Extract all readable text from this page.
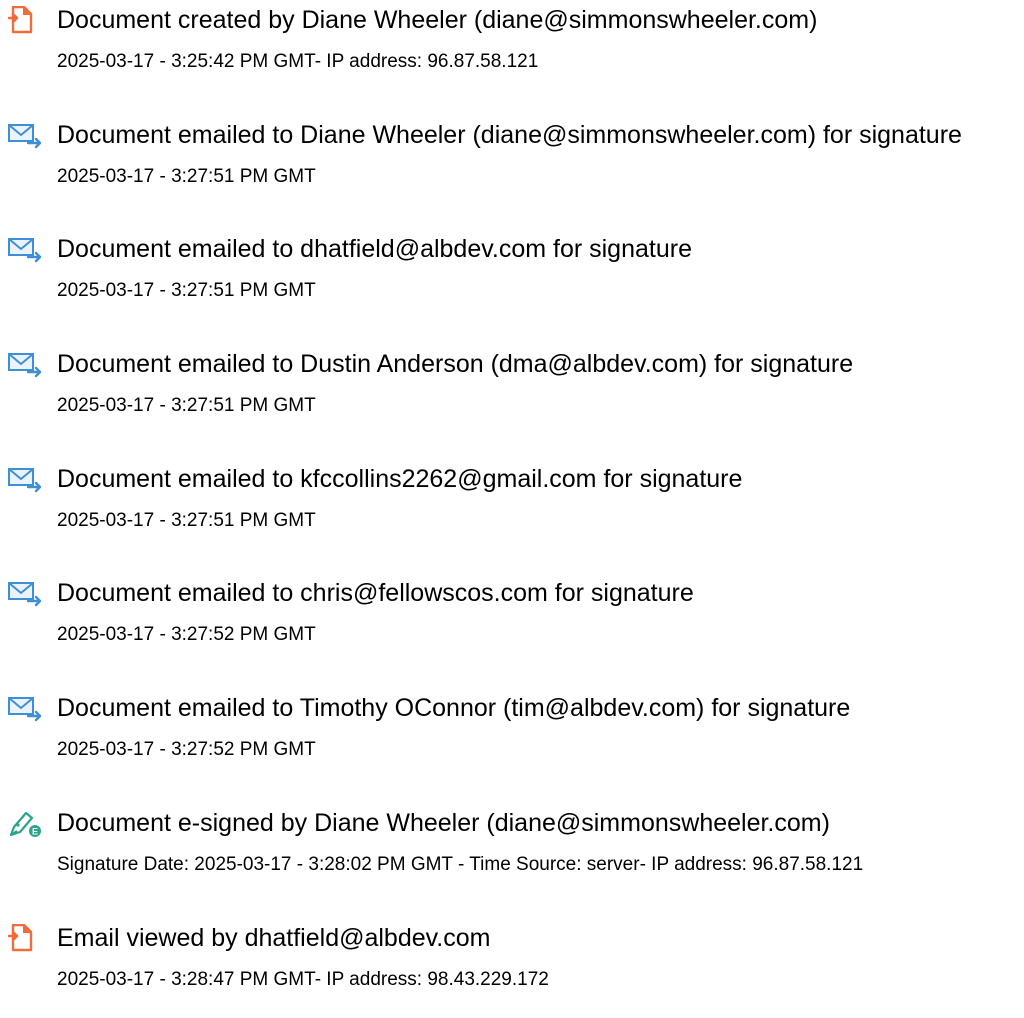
Document created by Diane Wheeler (diane@simmonswheeler.com)
2025-03-17 - 3:25:42 PM GMT- IP address: 96.87.58.121
Document emailed to Diane Wheeler (diane@simmonswheeler.com) for signature
2025-03-17 - 3:27:51 PM GMT
Document emailed to dhatfield@albdev.com for signature
2025-03-17 - 3:27:51 PM GMT
Document emailed to Dustin Anderson (dma@albdev.com) for signature
2025-03-17 - 3:27:51 PM GMT
Document emailed to kfccollins2262@gmail.com for signature
2025-03-17 - 3:27:51 PM GMT
Document emailed to chris@fellowscos.com for signature
2025-03-17 - 3:27:52 PM GMT
Document emailed to Timothy OConnor (tim@albdev.com) for signature
2025-03-17 - 3:27:52 PM GMT
E Document e-signed by Diane Wheeler (diane@simmonswheeler.com)
Signature Date: 2025-03-17 - 3:28:02 PM GMT - Time Source: server- IP address: 96.87.58.121
Email viewed by dhatfield@albdev.com
2025-03-17 - 3:28:47 PM GMT- IP address: 98.43.229.172
